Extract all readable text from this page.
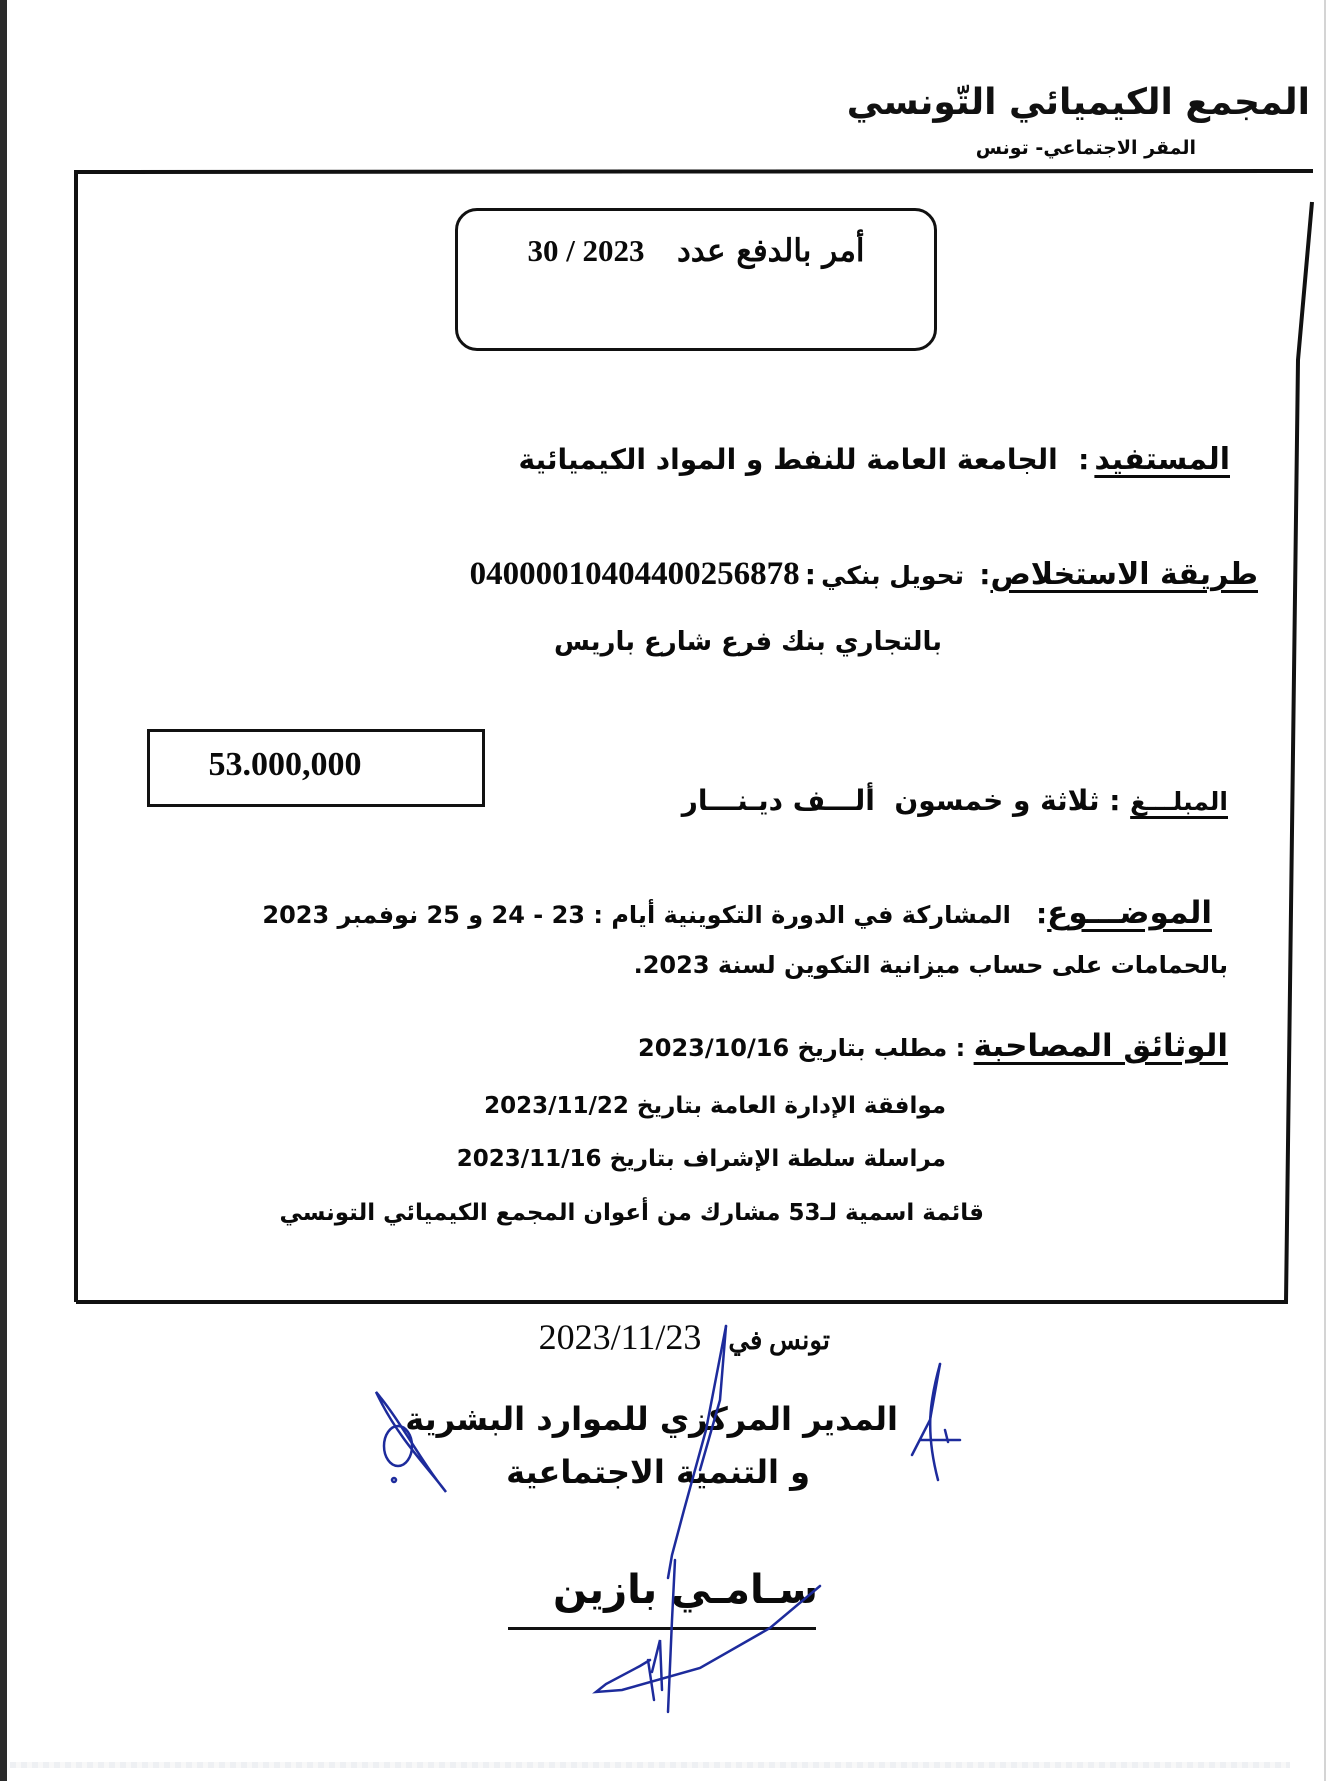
المجمع الكيميائي التّونسي
المقر الاجتماعي- تونس
أمر بالدفع عدد   30 / 2023
المستفيد :    الجامعة العامة للنفط و المواد الكيميائية
طريقة الاستخلاص:   تحويل بنكي : 04000010404400256878
بالتجاري بنك فرع شارع باريس
53.000,000
المبلـــغ : ثلاثة و خمسون  ألـــف ديـنـــار
الموضـــوع:   المشاركة في الدورة التكوينية أيام : 23 - 24 و 25 نوفمبر 2023
بالحمامات على حساب ميزانية التكوين لسنة 2023.
الوثائق المصاحبة : مطلب بتاريخ 2023/10/16
موافقة الإدارة العامة بتاريخ 2023/11/22
مراسلة سلطة الإشراف بتاريخ 2023/11/16
قائمة اسمية لـ53 مشارك من أعوان المجمع الكيميائي التونسي
تونس في   2023/11/23
المدير المركزي للموارد البشرية
و التنمية الاجتماعية
سـامـي بازين
